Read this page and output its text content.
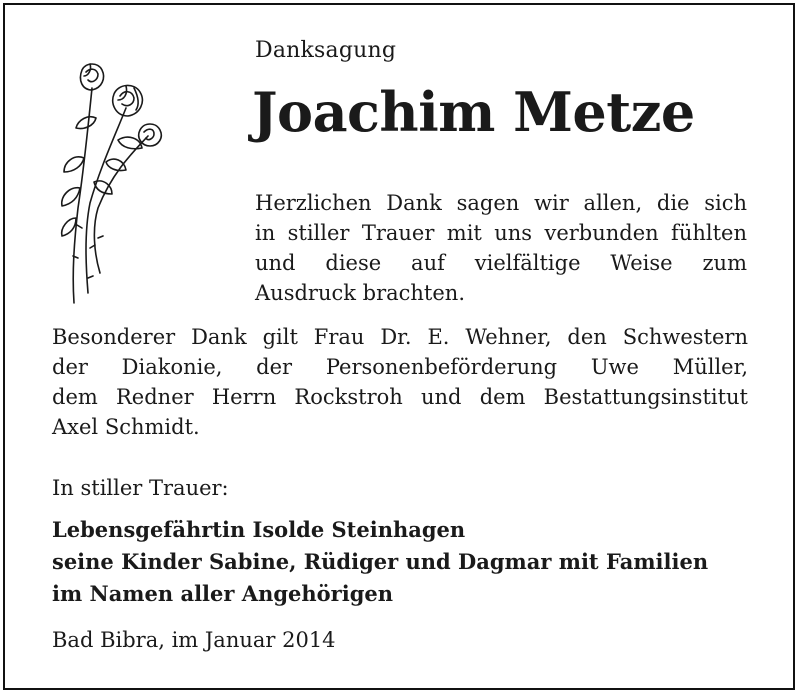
Danksagung
Joachim Metze
Herzlichen Dank sagen wir allen, die sich
in stiller Trauer mit uns verbunden fühlten
und diese auf vielfältige Weise zum
Ausdruck brachten.
Besonderer Dank gilt Frau Dr. E. Wehner, den Schwestern
der Diakonie, der Personenbeförderung Uwe Müller,
dem Redner Herrn Rockstroh und dem Bestattungsinstitut
Axel Schmidt.
In stiller Trauer:
Lebensgefährtin Isolde Steinhagen
seine Kinder Sabine, Rüdiger und Dagmar mit Familien
im Namen aller Angehörigen
Bad Bibra, im Januar 2014
